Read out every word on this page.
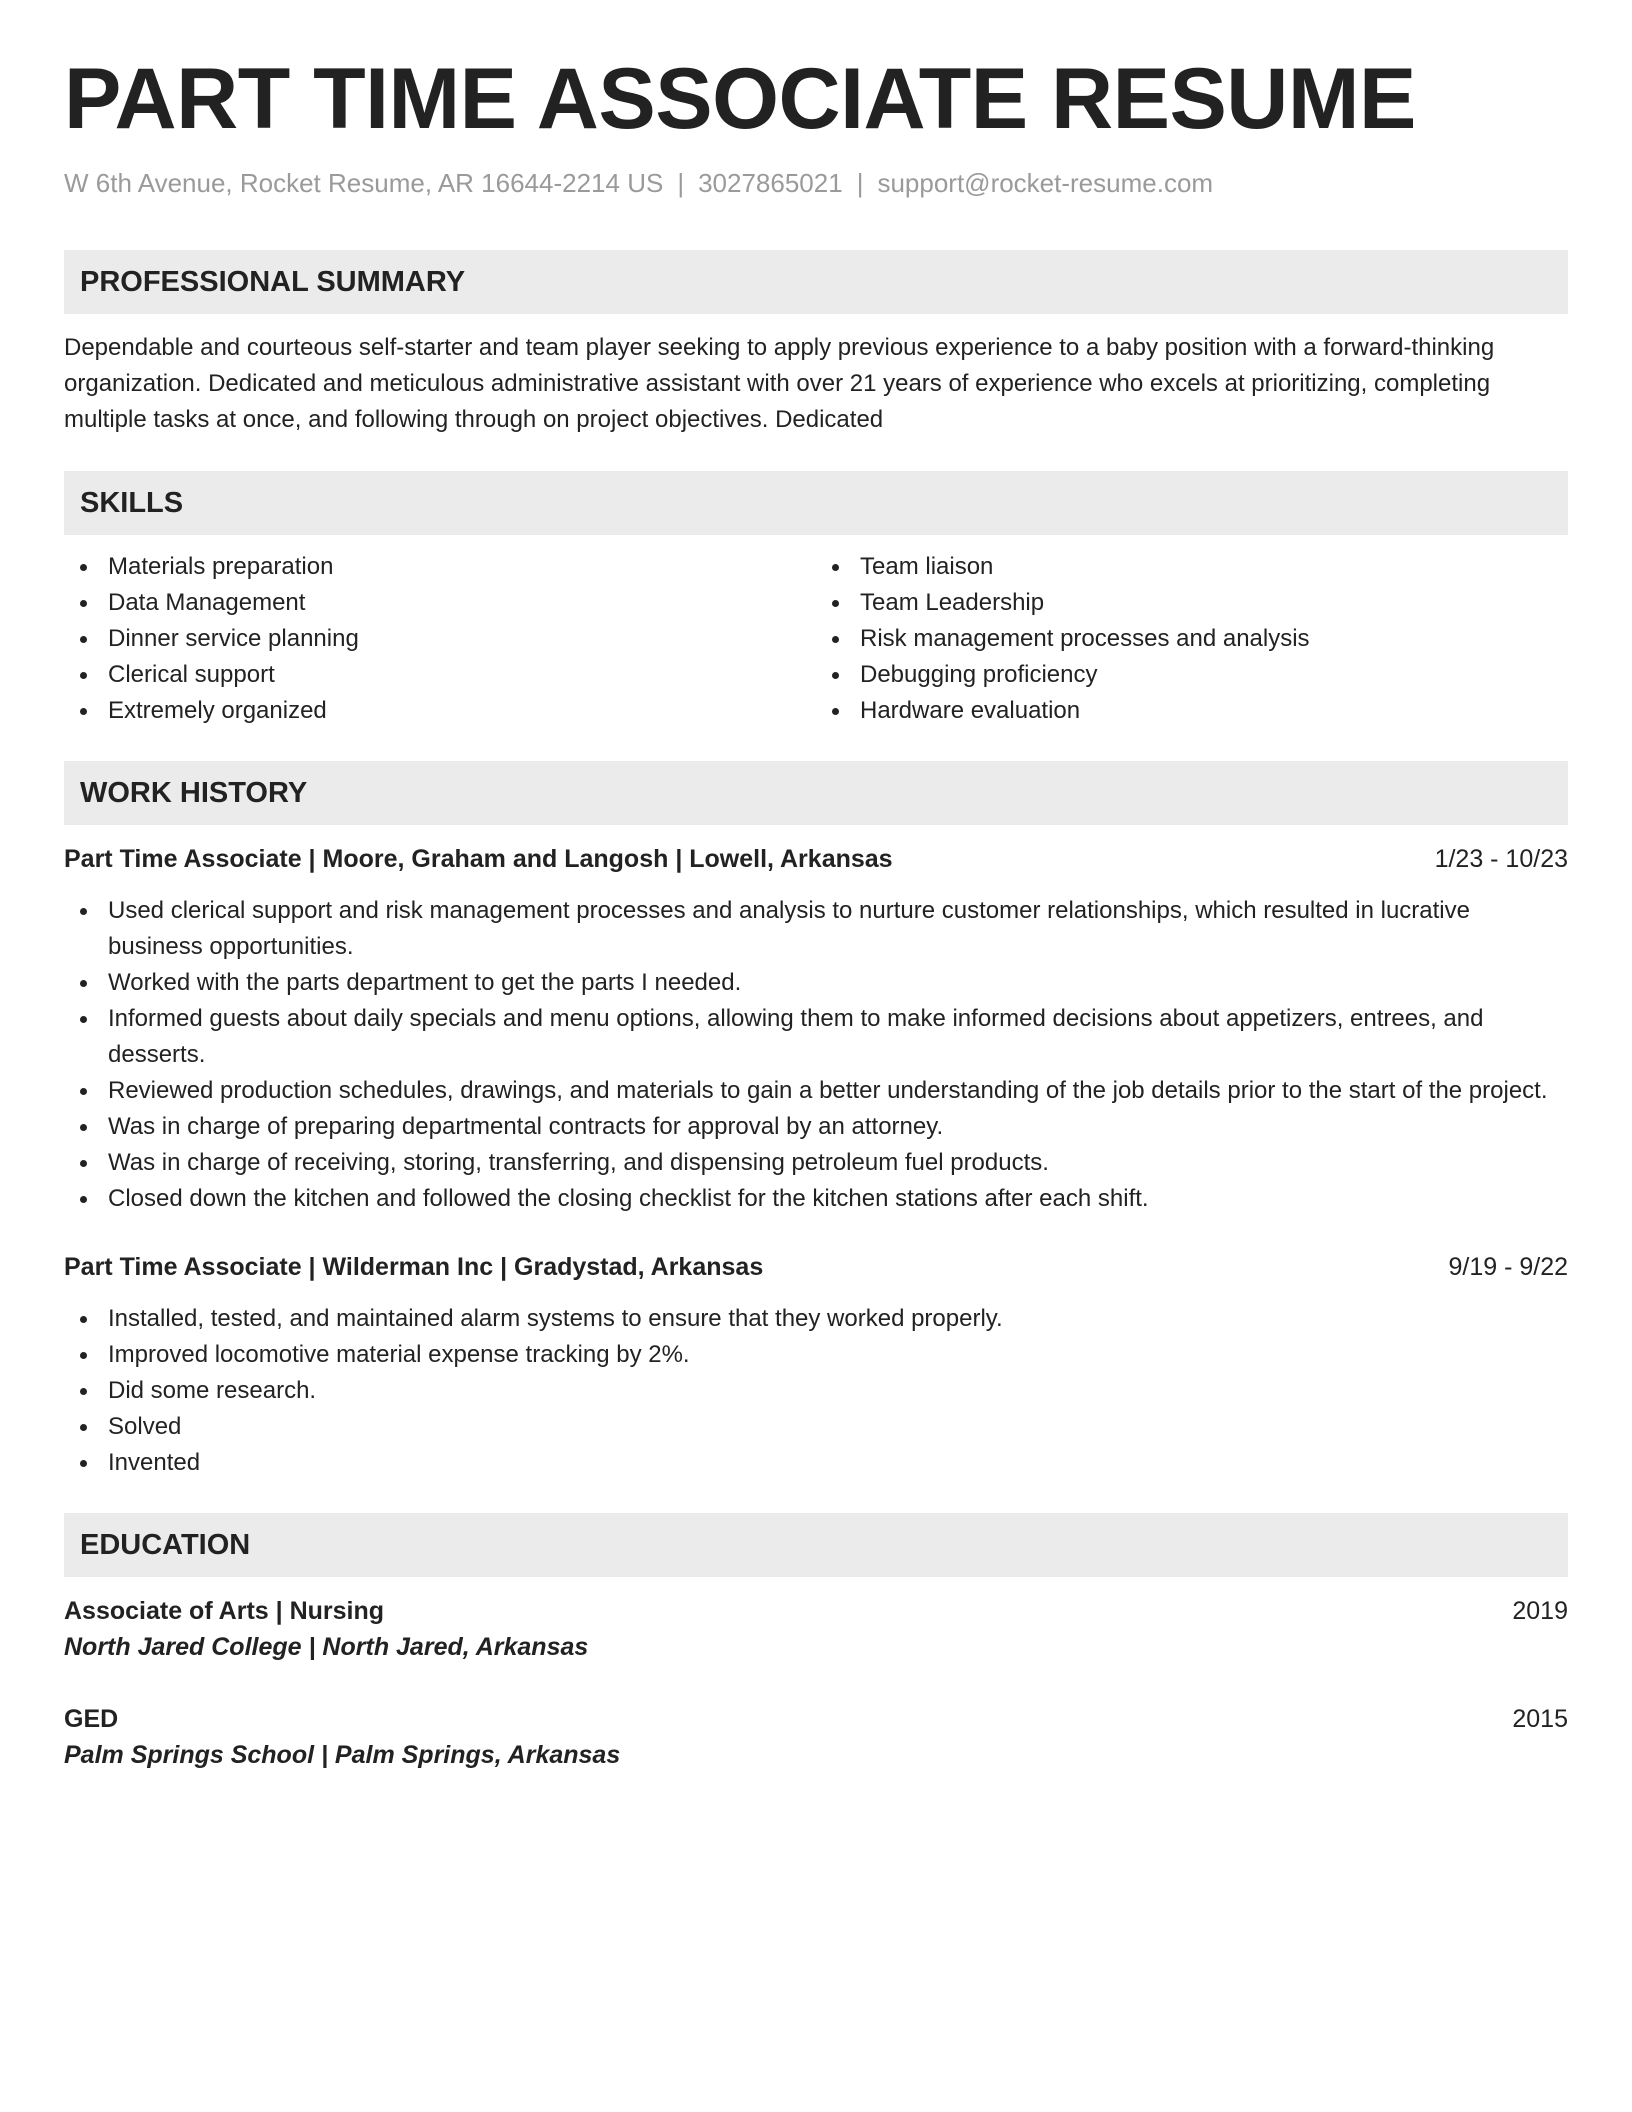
PART TIME ASSOCIATE RESUME
W 6th Avenue, Rocket Resume, AR 16644-2214 US | 3027865021 | support@rocket-resume.com
PROFESSIONAL SUMMARY

Dependable and courteous self-starter and team player seeking to apply previous experience to a baby position with a forward-thinking organization. Dedicated and meticulous administrative assistant with over 21 years of experience who excels at prioritizing, completing multiple tasks at once, and following through on project objectives. Dedicated

SKILLS
Materials preparation
Data Management
Dinner service planning
Clerical support
Extremely organized
Team liaison
Team Leadership
Risk management processes and analysis
Debugging proficiency
Hardware evaluation
WORK HISTORY
Part Time Associate | Moore, Graham and Langosh | Lowell, Arkansas	1/23 - 10/23
Used clerical support and risk management processes and analysis to nurture customer relationships, which resulted in lucrative business opportunities.
Worked with the parts department to get the parts I needed.
Informed guests about daily specials and menu options, allowing them to make informed decisions about appetizers, entrees, and desserts.
Reviewed production schedules, drawings, and materials to gain a better understanding of the job details prior to the start of the project.
Was in charge of preparing departmental contracts for approval by an attorney.
Was in charge of receiving, storing, transferring, and dispensing petroleum fuel products.
Closed down the kitchen and followed the closing checklist for the kitchen stations after each shift.
Part Time Associate | Wilderman Inc | Gradystad, Arkansas	9/19 - 9/22
Installed, tested, and maintained alarm systems to ensure that they worked properly.
Improved locomotive material expense tracking by 2%.
Did some research.
Solved
Invented
EDUCATION
Associate of Arts | Nursing	2019
North Jared College | North Jared, Arkansas
GED	2015
Palm Springs School | Palm Springs, Arkansas
